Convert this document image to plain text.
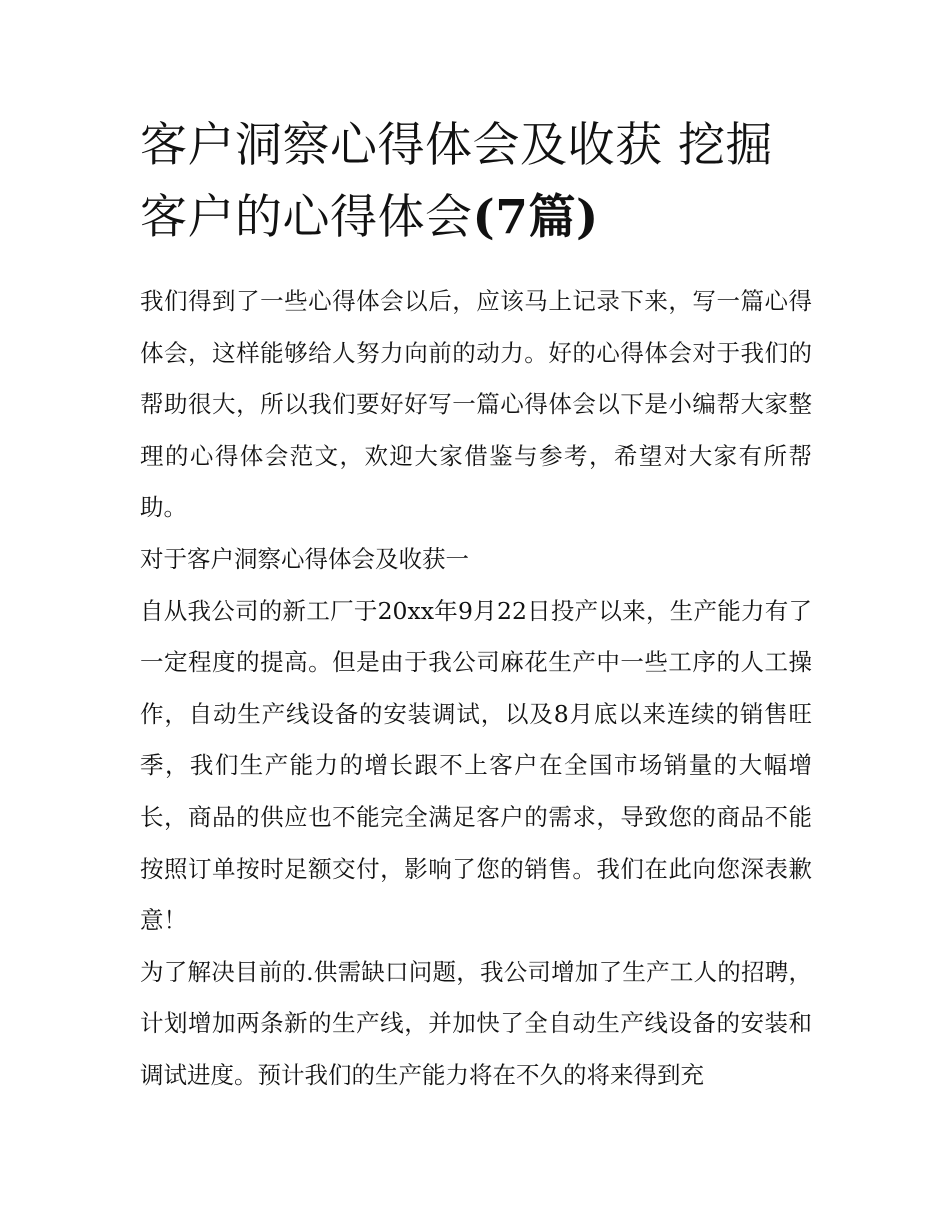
客户洞察心得体会及收获 挖掘客户的心得体会(7篇)

我们得到了一些心得体会以后，应该马上记录下来，写一篇心得体会，这样能够给人努力向前的动力。好的心得体会对于我们的帮助很大，所以我们要好好写一篇心得体会以下是小编帮大家整理的心得体会范文，欢迎大家借鉴与参考，希望对大家有所帮助。

对于客户洞察心得体会及收获一

自从我公司的新工厂于20xx年9月22日投产以来，生产能力有了一定程度的提高。但是由于我公司麻花生产中一些工序的人工操作，自动生产线设备的安装调试，以及8月底以来连续的销售旺季，我们生产能力的增长跟不上客户在全国市场销量的大幅增长，商品的供应也不能完全满足客户的需求，导致您的商品不能按照订单按时足额交付，影响了您的销售。我们在此向您深表歉意！

为了解决目前的.供需缺口问题，我公司增加了生产工人的招聘，计划增加两条新的生产线，并加快了全自动生产线设备的安装和调试进度。预计我们的生产能力将在不久的将来得到充
